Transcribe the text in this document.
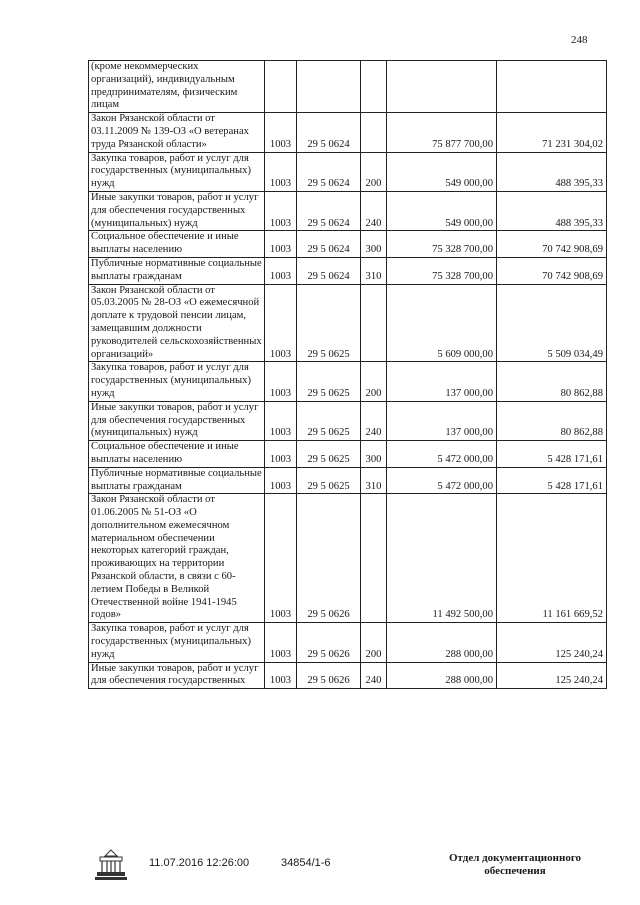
248
(кроме некоммерческих организаций), индивидуальным предпринимателям, физическим лицам					
Закон Рязанской области от 03.11.2009 № 139-ОЗ «О ветеранах труда Рязанской области»	1003	29 5 0624		75 877 700,00	71 231 304,02
Закупка товаров, работ и услуг для государственных (муниципальных) нужд	1003	29 5 0624	200	549 000,00	488 395,33
Иные закупки товаров, работ и услуг для обеспечения государственных (муниципальных) нужд	1003	29 5 0624	240	549 000,00	488 395,33
Социальное обеспечение и иные выплаты населению	1003	29 5 0624	300	75 328 700,00	70 742 908,69
Публичные нормативные социальные выплаты гражданам	1003	29 5 0624	310	75 328 700,00	70 742 908,69
Закон Рязанской области от 05.03.2005 № 28-ОЗ «О ежемесячной доплате к трудовой пенсии лицам, замещавшим должности руководителей сельскохозяйственных организаций»	1003	29 5 0625		5 609 000,00	5 509 034,49
Закупка товаров, работ и услуг для государственных (муниципальных) нужд	1003	29 5 0625	200	137 000,00	80 862,88
Иные закупки товаров, работ и услуг для обеспечения государственных (муниципальных) нужд	1003	29 5 0625	240	137 000,00	80 862,88
Социальное обеспечение и иные выплаты населению	1003	29 5 0625	300	5 472 000,00	5 428 171,61
Публичные нормативные социальные выплаты гражданам	1003	29 5 0625	310	5 472 000,00	5 428 171,61
Закон Рязанской области от 01.06.2005 № 51-ОЗ «О дополнительном ежемесячном материальном обеспечении некоторых категорий граждан, проживающих на территории Рязанской области, в связи с 60-летием Победы в Великой Отечественной войне 1941-1945 годов»	1003	29 5 0626		11 492 500,00	11 161 669,52
Закупка товаров, работ и услуг для государственных (муниципальных) нужд	1003	29 5 0626	200	288 000,00	125 240,24
Иные закупки товаров, работ и услуг для обеспечения государственных	1003	29 5 0626	240	288 000,00	125 240,24
11.07.2016 12:26:00	34854/1-6	Отдел документационного
обеспечения
